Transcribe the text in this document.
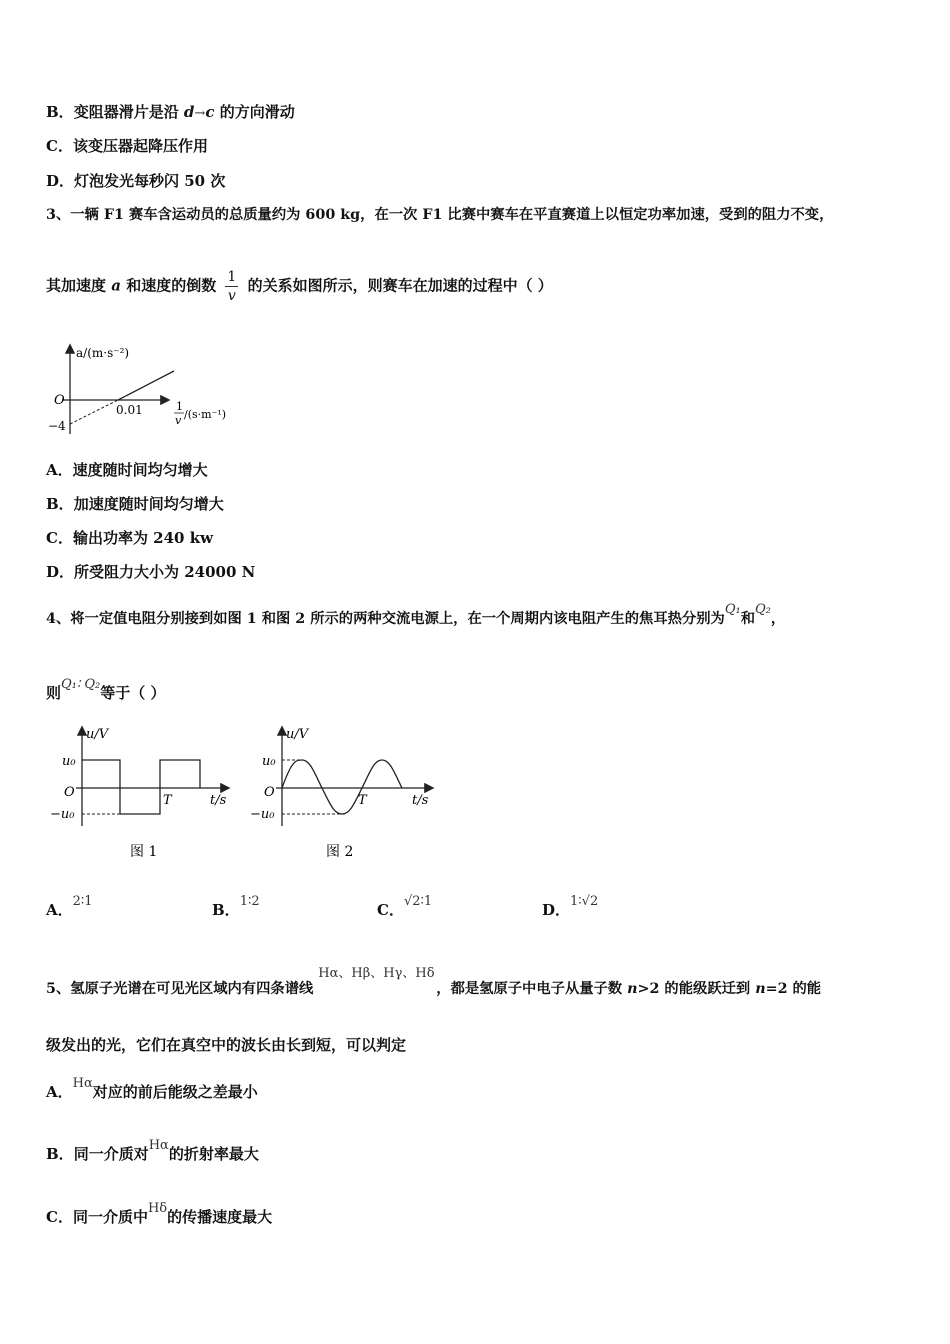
B．变阻器滑片是沿 d→c 的方向滑动
C．该变压器起降压作用
D．灯泡发光每秒闪 50 次
3、一辆 F1 赛车含运动员的总质量约为 600 kg，在一次 F1 比赛中赛车在平直赛道上以恒定功率加速，受到的阻力不变，
其加速度 a 和速度的倒数 $\frac{1}{v}$ 的关系如图所示，则赛车在加速的过程中（ ）
a/(m·s⁻²)
O
−4
0.01	1
v /(s·m⁻¹)
A．速度随时间均匀增大
B．加速度随时间均匀增大
C．输出功率为 240 kw
D．所受阻力大小为 24000 N
4、将一定值电阻分别接到如图 1 和图 2 所示的两种交流电源上，在一个周期内该电阻产生的焦耳热分别为Q₁和Q₂，
则Q₁∶ Q₂等于（ ）
u/V
u₀
O
−u₀
T	t/s
图 1
u/V
u₀
O
−u₀
T	t/s
图 2
A．2∶1	B．1∶2	C．√2∶1	D．1∶√2
5、氢原子光谱在可见光区域内有四条谱线 Hα、Hβ、Hγ、Hδ，都是氢原子中电子从量子数 n>2 的能级跃迁到 n=2 的能
级发出的光，它们在真空中的波长由长到短，可以判定
A．Hα对应的前后能级之差最小
B．同一介质对Hα的折射率最大
C．同一介质中Hδ的传播速度最大
